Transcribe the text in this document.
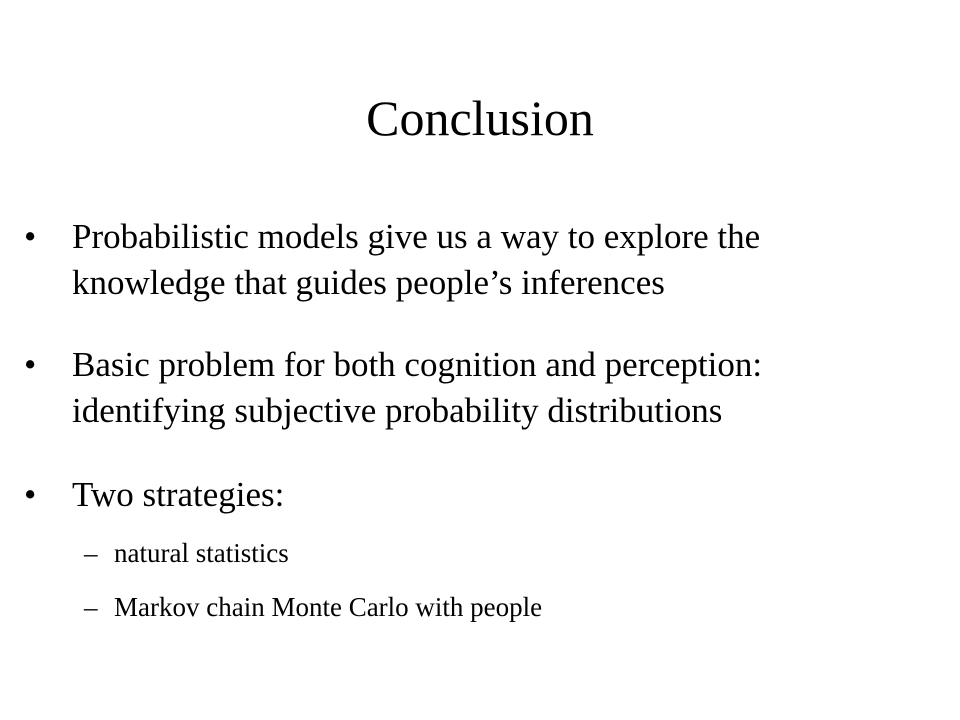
Conclusion
•	Probabilistic models give us a way to explore the
knowledge that guides people’s inferences

•	Basic problem for both cognition and perception:
identifying subjective probability distributions

•	Two strategies:

– natural statistics
– Markov chain Monte Carlo with people
